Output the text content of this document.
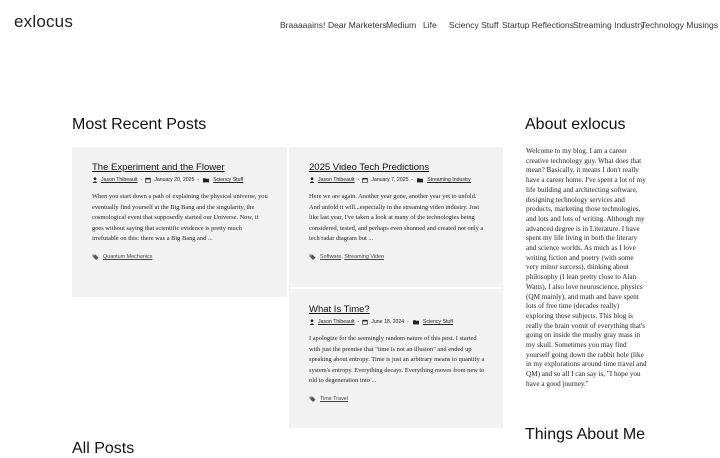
exlocus	Braaaaains! Dear Marketers Medium Life Sciency Stuff Startup Reflections Streaming Industry
Technology Musings
Most Recent Posts
The Experiment and the Flower
Jason Thibeault - January 20, 2025 -	Sciency Stuff

When you start down a path of explaining the physical universe, you eventually find yourself at the Big Bang and the singularity, the cosmological event that supposedly started our Universe. Now, it goes without saying that scientific evidence is pretty much irrefutable on this: there was a Big Bang and ...

Quantum Mechanics
2025 Video Tech Predictions
Jason Thibeault - January 7, 2025 -	Streaming Industry

Here we are again. Another year gone, another year yet to unfold. And unfold it will...especially in the streaming video industry. Just like last year, I've taken a look at many of the technologies being considered, tested, and perhaps even shunned and created not only a tech radar diagram but ...

Software , Streaming Video
What Is Time?
Jason Thibeault - June 18, 2024 -	Sciency Stuff

I apologize for the seemingly random nature of this post. I started with just the premise that "time is not an illusion" and ended up speaking about entropy. Time is just an arbitrary means to quantify a system's entropy. Everything decays. Everything moves from new to old to degeneration into ...

Time Travel
All Posts
About exlocus

Welcome to my blog. I am a career creative technology guy. What does that mean? Basically, it means I don't really have a career home. I've spent a lot of my life building and architecting software, designing technology services and products, marketing those technologies, and lots and lots of writing. Although my advanced degree is in Literature. I have spent my life living in both the literary and science worlds. As much as I love writing fiction and poetry (with some very minor success), thinking about philosophy (I lean pretty close to Alan Watts), I also love neuroscience, physics (QM mainly), and math and have spent lots of free time (decades really) exploring those subjects. This blog is really the brain vomit of everything that's going on inside the mushy gray mass in my skull. Sometimes you may find yourself going down the rabbit hole (like in my explorations around time travel and QM) and so all I can say is, "I hope you have a good journey."

Things About Me
